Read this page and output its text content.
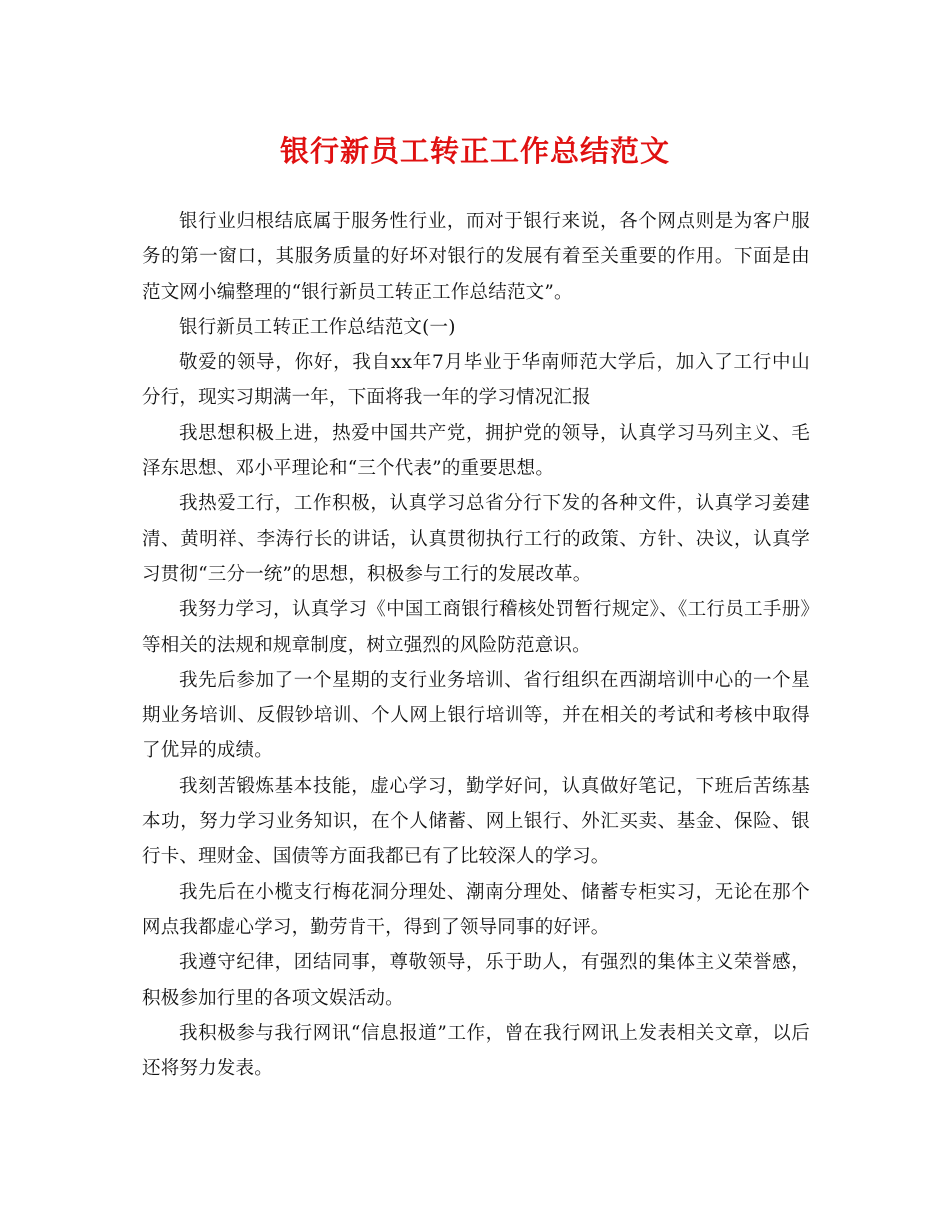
银行新员工转正工作总结范文

银行业归根结底属于服务性行业，而对于银行来说，各个网点则是为客户服务的第一窗口，其服务质量的好坏对银行的发展有着至关重要的作用。下面是由范文网小编整理的“银行新员工转正工作总结范文”。

银行新员工转正工作总结范文(一)

敬爱的领导，你好，我自xx年7月毕业于华南师范大学后，加入了工行中山分行，现实习期满一年，下面将我一年的学习情况汇报

我思想积极上进，热爱中国共产党，拥护党的领导，认真学习马列主义、毛泽东思想、邓小平理论和“三个代表”的重要思想。

我热爱工行，工作积极，认真学习总省分行下发的各种文件，认真学习姜建清、黄明祥、李涛行长的讲话，认真贯彻执行工行的政策、方针、决议，认真学习贯彻“三分一统”的思想，积极参与工行的发展改革。

我努力学习，认真学习《中国工商银行稽核处罚暂行规定》、《工行员工手册》等相关的法规和规章制度，树立强烈的风险防范意识。

我先后参加了一个星期的支行业务培训、省行组织在西湖培训中心的一个星期业务培训、反假钞培训、个人网上银行培训等，并在相关的考试和考核中取得了优异的成绩。

我刻苦锻炼基本技能，虚心学习，勤学好问，认真做好笔记，下班后苦练基本功，努力学习业务知识，在个人储蓄、网上银行、外汇买卖、基金、保险、银行卡、理财金、国债等方面我都已有了比较深人的学习。

我先后在小榄支行梅花洞分理处、潮南分理处、储蓄专柜实习，无论在那个网点我都虚心学习，勤劳肯干，得到了领导同事的好评。

我遵守纪律，团结同事，尊敬领导，乐于助人，有强烈的集体主义荣誉感，积极参加行里的各项文娱活动。

我积极参与我行网讯“信息报道”工作，曾在我行网讯上发表相关文章，以后还将努力发表。
